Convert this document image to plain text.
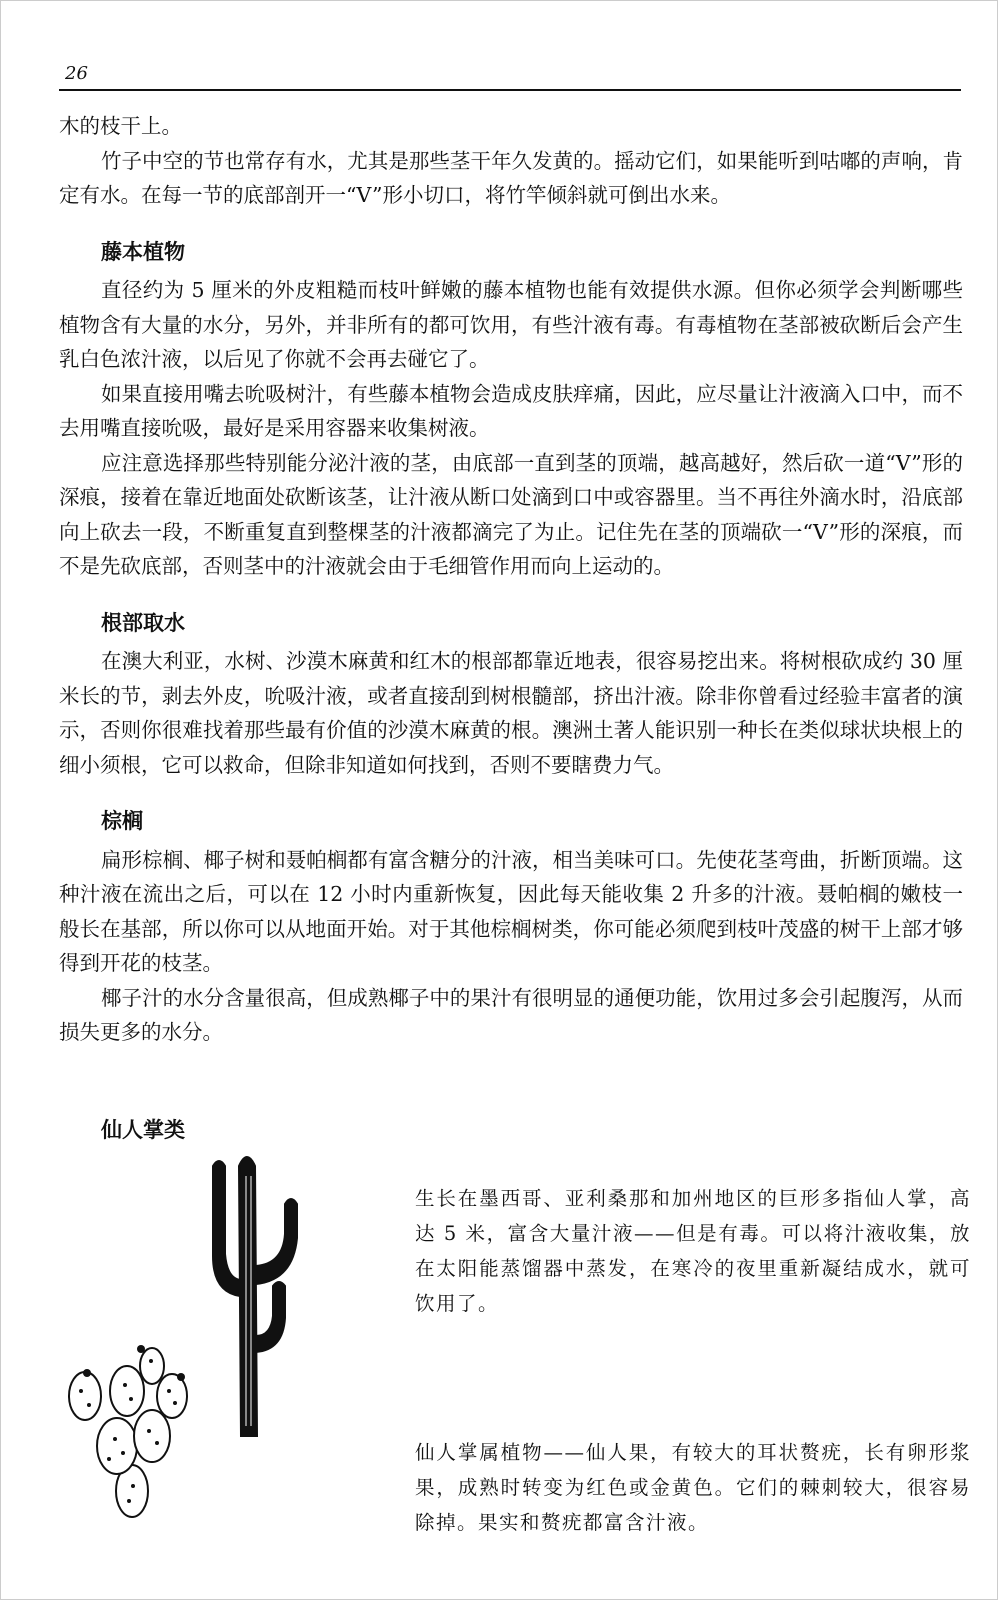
26

木的枝干上。

竹子中空的节也常存有水，尤其是那些茎干年久发黄的。摇动它们，如果能听到咕嘟的声响，肯定有水。在每一节的底部剖开一“V”形小切口，将竹竿倾斜就可倒出水来。

藤本植物

直径约为 5 厘米的外皮粗糙而枝叶鲜嫩的藤本植物也能有效提供水源。但你必须学会判断哪些植物含有大量的水分，另外，并非所有的都可饮用，有些汁液有毒。有毒植物在茎部被砍断后会产生乳白色浓汁液，以后见了你就不会再去碰它了。

如果直接用嘴去吮吸树汁，有些藤本植物会造成皮肤痒痛，因此，应尽量让汁液滴入口中，而不去用嘴直接吮吸，最好是采用容器来收集树液。

应注意选择那些特别能分泌汁液的茎，由底部一直到茎的顶端，越高越好，然后砍一道“V”形的深痕，接着在靠近地面处砍断该茎，让汁液从断口处滴到口中或容器里。当不再往外滴水时，沿底部向上砍去一段，不断重复直到整棵茎的汁液都滴完了为止。记住先在茎的顶端砍一“V”形的深痕，而不是先砍底部，否则茎中的汁液就会由于毛细管作用而向上运动的。

根部取水

在澳大利亚，水树、沙漠木麻黄和红木的根部都靠近地表，很容易挖出来。将树根砍成约 30 厘米长的节，剥去外皮，吮吸汁液，或者直接刮到树根髓部，挤出汁液。除非你曾看过经验丰富者的演示，否则你很难找着那些最有价值的沙漠木麻黄的根。澳洲土著人能识别一种长在类似球状块根上的细小须根，它可以救命，但除非知道如何找到，否则不要瞎费力气。

棕榈

扁形棕榈、椰子树和聂帕榈都有富含糖分的汁液，相当美味可口。先使花茎弯曲，折断顶端。这种汁液在流出之后，可以在 12 小时内重新恢复，因此每天能收集 2 升多的汁液。聂帕榈的嫩枝一般长在基部，所以你可以从地面开始。对于其他棕榈树类，你可能必须爬到枝叶茂盛的树干上部才够得到开花的枝茎。

椰子汁的水分含量很高，但成熟椰子中的果汁有很明显的通便功能，饮用过多会引起腹泻，从而损失更多的水分。

仙人掌类
生长在墨西哥、亚利桑那和加州地区的巨形多指仙人掌，高达 5 米，富含大量汁液——但是有毒。可以将汁液收集，放在太阳能蒸馏器中蒸发，在寒冷的夜里重新凝结成水，就可饮用了。
仙人掌属植物——仙人果，有较大的耳状赘疣，长有卵形浆果，成熟时转变为红色或金黄色。它们的棘刺较大，很容易除掉。果实和赘疣都富含汁液。
